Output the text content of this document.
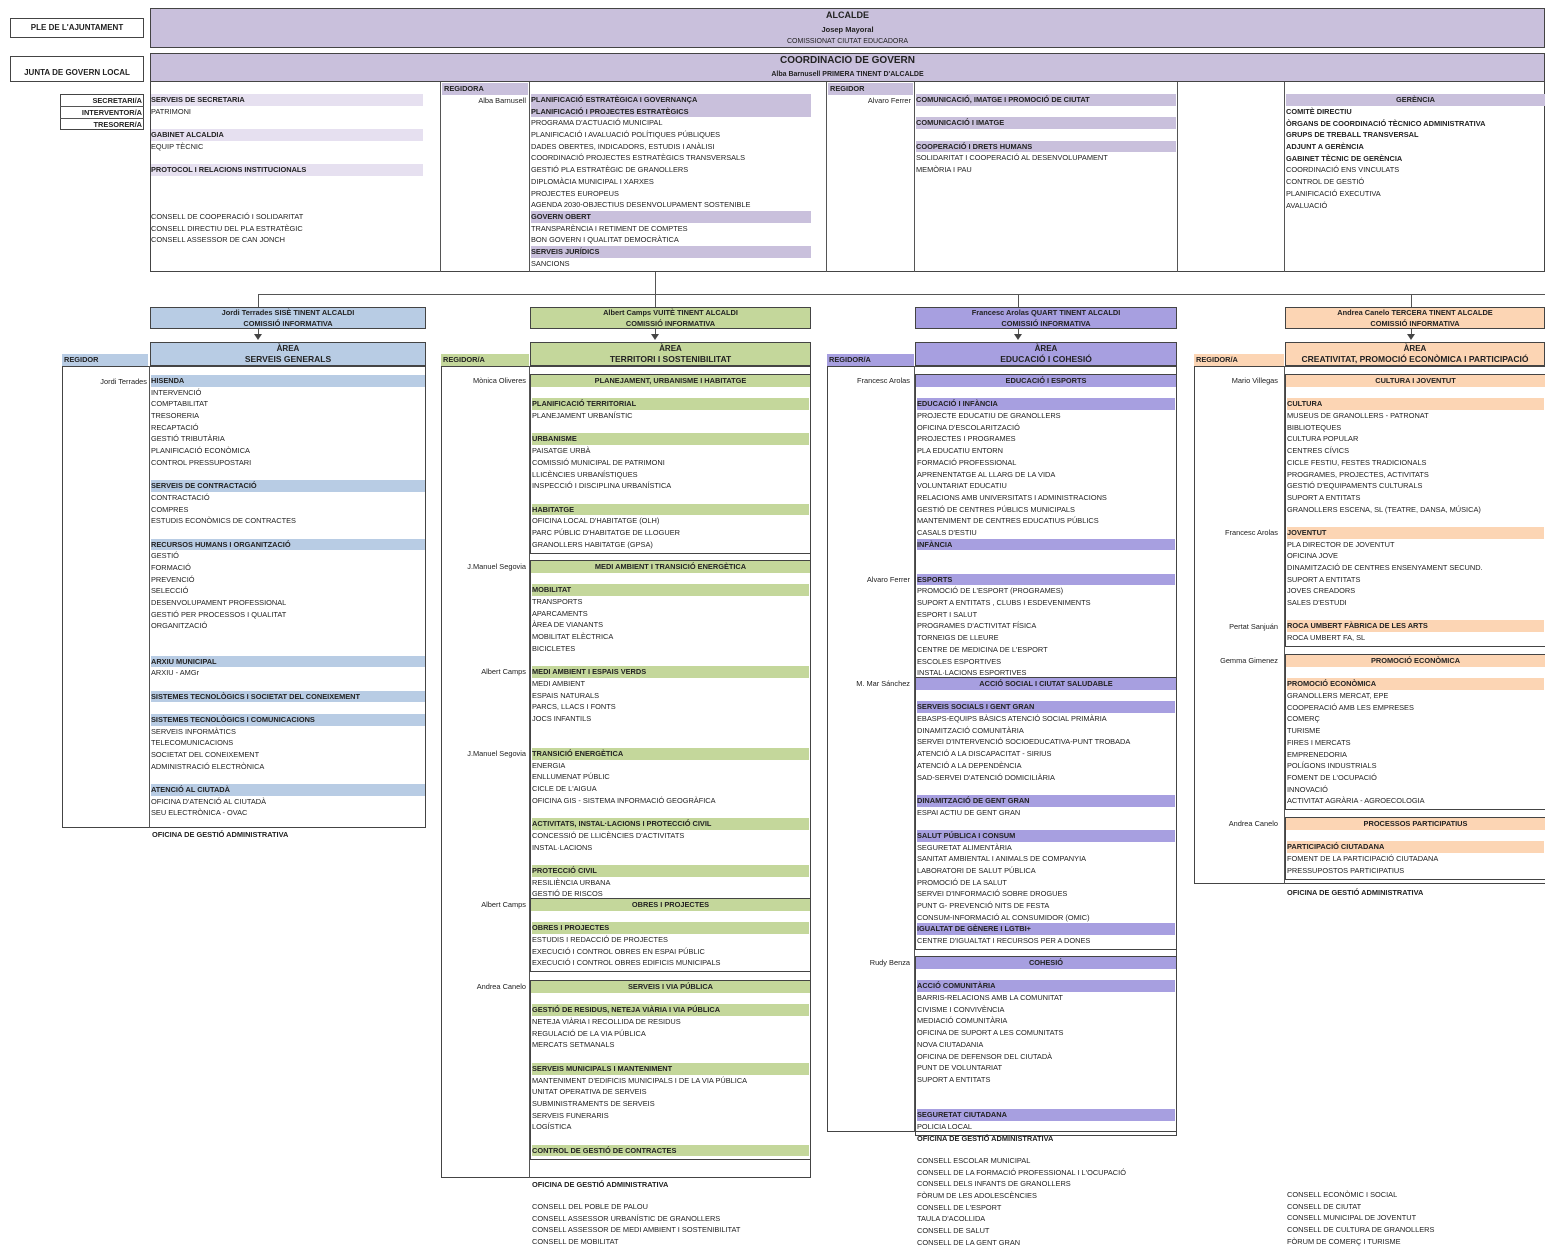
PLE DE L'AJUNTAMENT
ALCALDE
Josep Mayoral
COMISSIONAT CIUTAT EDUCADORA
JUNTA DE GOVERN LOCAL
COORDINACIÓ DE GOVERN
Alba Barnusell PRIMERA TINENT D'ALCALDE
SECRETARI/A
INTERVENTOR/A
TRESORER/A
SERVEIS DE SECRETARIA
PATRIMONI
GABINET ALCALDIA
EQUIP TÈCNIC
PROTOCOL I RELACIONS INSTITUCIONALS
CONSELL DE COOPERACIÓ I SOLIDARITAT
CONSELL DIRECTIU DEL PLA ESTRATÈGIC
CONSELL ASSESSOR DE CAN JONCH
REGIDORA
Alba Barnusell PLANIFICACIÓ ESTRATÈGICA I GOVERNANÇA
PLANIFICACIÓ I PROJECTES ESTRATÈGICS
PROGRAMA D'ACTUACIÓ MUNICIPAL
PLANIFICACIÓ I AVALUACIÓ POLÍTIQUES PÚBLIQUES
DADES OBERTES, INDICADORS, ESTUDIS I ANÀLISI
COORDINACIÓ PROJECTES ESTRATÈGICS TRANSVERSALS
GESTIÓ PLA ESTRATÈGIC DE GRANOLLERS
DIPLOMÀCIA MUNICIPAL I XARXES
PROJECTES EUROPEUS
AGENDA 2030-OBJECTIUS DESENVOLUPAMENT SOSTENIBLE
GOVERN OBERT
TRANSPARÈNCIA I RETIMENT DE COMPTES
BON GOVERN I QUALITAT DEMOCRÀTICA
SERVEIS JURÍDICS
SANCIONS
REGIDOR
Alvaro Ferrer COMUNICACIÓ, IMATGE I PROMOCIÓ DE CIUTAT
COMUNICACIÓ I IMATGE
COOPERACIÓ I DRETS HUMANS
SOLIDARITAT I COOPERACIÓ AL DESENVOLUPAMENT
MEMÒRIA I PAU
GERÈNCIA
COMITÈ DIRECTIU
ÒRGANS DE COORDINACIÓ TÈCNICO ADMINISTRATIVA
GRUPS DE TREBALL TRANSVERSAL
ADJUNT A GERÈNCIA
GABINET TÈCNIC DE GERÈNCIA
COORDINACIÓ ENS VINCULATS
CONTROL DE GESTIÓ
PLANIFICACIÓ EXECUTIVA
AVALUACIÓ
Jordi Terrades SISÈ TINENT ALCALDI
COMISSIÓ INFORMATIVA
ÀREA
SERVEIS GENERALS
REGIDOR
Jordi Terrades HISENDA
INTERVENCIÓ
COMPTABILITAT
TRESORERIA
RECAPTACIÓ
GESTIÓ TRIBUTÀRIA
PLANIFICACIÓ ECONÒMICA
CONTROL PRESSUPOSTARI
SERVEIS DE CONTRACTACIÓ
CONTRACTACIÓ
COMPRES
ESTUDIS ECONÒMICS DE CONTRACTES
RECURSOS HUMANS I ORGANITZACIÓ
GESTIÓ
FORMACIÓ
PREVENCIÓ
SELECCIÓ
DESENVOLUPAMENT PROFESSIONAL
GESTIÓ PER PROCESSOS I QUALITAT
ORGANITZACIÓ
ARXIU MUNICIPAL
ARXIU - AMGr
SISTEMES TECNOLÒGICS I SOCIETAT DEL CONEIXEMENT
SISTEMES TECNOLÒGICS I COMUNICACIONS
SERVEIS INFORMÀTICS
TELECOMUNICACIONS
SOCIETAT DEL CONEIXEMENT
ADMINISTRACIÓ ELECTRÒNICA
ATENCIÓ AL CIUTADÀ
OFICINA D'ATENCIÓ AL CIUTADÀ
SEU ELECTRÒNICA - OVAC
OFICINA DE GESTIÓ ADMINISTRATIVA
Albert Camps VUITÈ TINENT ALCALDI
COMISSIÓ INFORMATIVA
ÀREA
TERRITORI I SOSTENIBILITAT
REGIDOR/A
PLANEJAMENT, URBANISME I HABITATGE
Mònica Oliveres
PLANIFICACIÓ TERRITORIAL
PLANEJAMENT URBANÍSTIC
URBANISME
PAISATGE URBÀ
COMISSIÓ MUNICIPAL DE PATRIMONI
LLICÈNCIES URBANÍSTIQUES
INSPECCIÓ I DISCIPLINA URBANÍSTICA
HABITATGE
OFICINA LOCAL D'HABITATGE (OLH)
PARC PÚBLIC D'HABITATGE DE LLOGUER
GRANOLLERS HABITATGE (GPSA)
MEDI AMBIENT I TRANSICIÓ ENERGÈTICA
J.Manuel Segovia
MOBILITAT
TRANSPORTS
APARCAMENTS
ÀREA DE VIANANTS
MOBILITAT ELÈCTRICA
BICICLETES
MEDI AMBIENT I ESPAIS VERDS
MEDI AMBIENT
ESPAIS NATURALS
PARCS, LLACS I FONTS
JOCS INFANTILS
TRANSICIÓ ENERGÈTICA
ENERGIA
ENLLUMENAT PÚBLIC
CICLE DE L'AIGUA
OFICINA GIS - SISTEMA INFORMACIÓ GEOGRÀFICA
ACTIVITATS, INSTAL·LACIONS I PROTECCIÓ CIVIL
CONCESSIÓ DE LLICÈNCIES D'ACTIVITATS
INSTAL·LACIONS
PROTECCIÓ CIVIL
RESILIÈNCIA URBANA
GESTIÓ DE RISCOS
Albert Camps
J.Manuel Segovia
OBRES I PROJECTES
Albert Camps
OBRES I PROJECTES
ESTUDIS I REDACCIÓ DE PROJECTES
EXECUCIÓ I CONTROL OBRES EN ESPAI PÚBLIC
EXECUCIÓ I CONTROL OBRES EDIFICIS MUNICIPALS
SERVEIS I VIA PÚBLICA
Andrea Canelo
GESTIÓ DE RESIDUS, NETEJA VIÀRIA I VIA PÚBLICA
NETEJA VIÀRIA I RECOLLIDA DE RESIDUS
REGULACIÓ DE LA VIA PÚBLICA
MERCATS SETMANALS
SERVEIS MUNICIPALS I MANTENIMENT
MANTENIMENT D'EDIFICIS MUNICIPALS I DE LA VIA PÚBLICA
UNITAT OPERATIVA DE SERVEIS
SUBMINISTRAMENTS DE SERVEIS
SERVEIS FUNERARIS
LOGÍSTICA
CONTROL DE GESTIÓ DE CONTRACTES
OFICINA DE GESTIÓ ADMINISTRATIVA
CONSELL DEL POBLE DE PALOU
CONSELL ASSESSOR URBANÍSTIC DE GRANOLLERS
CONSELL ASSESSOR DE MEDI AMBIENT I SOSTENIBILITAT
CONSELL DE MOBILITAT
Francesc Arolas QUART TINENT ALCALDI
COMISSIÓ INFORMATIVA
ÀREA
EDUCACIÓ I COHESIÓ
REGIDOR/A
EDUCACIÓ I ESPORTS
Francesc Arolas
EDUCACIÓ I INFÀNCIA
PROJECTE EDUCATIU DE GRANOLLERS
OFICINA D'ESCOLARITZACIÓ
PROJECTES I PROGRAMES
PLA EDUCATIU ENTORN
FORMACIÓ PROFESSIONAL
APRENENTATGE AL LLARG DE LA VIDA
VOLUNTARIAT EDUCATIU
RELACIONS AMB UNIVERSITATS I ADMINISTRACIONS
GESTIÓ DE CENTRES PÚBLICS MUNICIPALS
MANTENIMENT DE CENTRES EDUCATIUS PÚBLICS
CASALS D'ESTIU
INFÀNCIA
ESPORTS
PROMOCIÓ DE L'ESPORT (PROGRAMES)
SUPORT A ENTITATS , CLUBS I ESDEVENIMENTS
ESPORT I SALUT
PROGRAMES D'ACTIVITAT FÍSICA
TORNEIGS DE LLEURE
CENTRE DE MEDICINA DE L'ESPORT
ESCOLES ESPORTIVES
INSTAL·LACIONS ESPORTIVES
Alvaro Ferrer
ACCIÓ SOCIAL I CIUTAT SALUDABLE
M. Mar Sánchez
SERVEIS SOCIALS I GENT GRAN
EBASPS-EQUIPS BÀSICS ATENCIÓ SOCIAL PRIMÀRIA
DINAMITZACIÓ COMUNITÀRIA
SERVEI D'INTERVENCIÓ SOCIOEDUCATIVA-PUNT TROBADA
ATENCIÓ A LA DISCAPACITAT - SIRIUS
ATENCIÓ A LA DEPENDÈNCIA
SAD-SERVEI D'ATENCIÓ DOMICILIÀRIA
DINAMITZACIÓ DE GENT GRAN
ESPAI ACTIU DE GENT GRAN
SALUT PÚBLICA I CONSUM
SEGURETAT ALIMENTÀRIA
SANITAT AMBIENTAL I ANIMALS DE COMPANYIA
LABORATORI DE SALUT PÚBLICA
PROMOCIÓ DE LA SALUT
SERVEI D'INFORMACIÓ SOBRE DROGUES
PUNT G- PREVENCIÓ NITS DE FESTA
CONSUM-INFORMACIÓ AL CONSUMIDOR (OMIC)
IGUALTAT DE GÈNERE I LGTBI+
CENTRE D'IGUALTAT I RECURSOS PER A DONES
COHESIÓ
Rudy Benza
ACCIÓ COMUNITÀRIA
BARRIS-RELACIONS AMB LA COMUNITAT
CIVISME I CONVIVÈNCIA
MEDIACIÓ COMUNITÀRIA
OFICINA DE SUPORT A LES COMUNITATS
NOVA CIUTADANIA
OFICINA DE DEFENSOR DEL CIUTADÀ
PUNT DE VOLUNTARIAT
SUPORT A ENTITATS
SEGURETAT CIUTADANA
POLICIA LOCAL
OFICINA DE GESTIÓ ADMINISTRATIVA
CONSELL ESCOLAR MUNICIPAL
CONSELL DE LA FORMACIÓ PROFESSIONAL I L'OCUPACIÓ
CONSELL DELS INFANTS DE GRANOLLERS
FÒRUM DE LES ADOLESCÈNCIES
CONSELL DE L'ESPORT
TAULA D'ACOLLIDA
CONSELL DE SALUT
CONSELL DE LA GENT GRAN
Andrea Canelo TERCERA TINENT ALCALDE
COMISSIÓ INFORMATIVA
ÀREA
CREATIVITAT, PROMOCIÓ ECONÒMICA I PARTICIPACIÓ
REGIDOR/A
CULTURA I JOVENTUT
Mario Villegas
CULTURA
MUSEUS DE GRANOLLERS - PATRONAT
BIBLIOTEQUES
CULTURA POPULAR
CENTRES CÍVICS
CICLE FESTIU, FESTES TRADICIONALS
PROGRAMES, PROJECTES, ACTIVITATS
GESTIÓ D'EQUIPAMENTS CULTURALS
SUPORT A ENTITATS
GRANOLLERS ESCENA, SL (TEATRE, DANSA, MÚSICA)
JOVENTUT
PLA DIRECTOR DE JOVENTUT
OFICINA JOVE
DINAMITZACIÓ DE CENTRES ENSENYAMENT SECUND.
SUPORT A ENTITATS
JOVES CREADORS
SALES D'ESTUDI
ROCA UMBERT FÀBRICA DE LES ARTS
ROCA UMBERT FA, SL
Francesc Arolas
Pertat Sanjuán
PROMOCIÓ ECONÒMICA
Gemma Gimenez
PROMOCIÓ ECONÒMICA
GRANOLLERS MERCAT, EPE
COOPERACIÓ AMB LES EMPRESES
COMERÇ
TURISME
FIRES I MERCATS
EMPRENEDORIA
POLÍGONS INDUSTRIALS
FOMENT DE L'OCUPACIÓ
INNOVACIÓ
ACTIVITAT AGRÀRIA - AGROECOLOGIA
PROCESSOS PARTICIPATIUS
Andrea Canelo
PARTICIPACIÓ CIUTADANA
FOMENT DE LA PARTICIPACIÓ CIUTADANA
PRESSUPOSTOS PARTICIPATIUS
OFICINA DE GESTIÓ ADMINISTRATIVA
CONSELL ECONÒMIC I SOCIAL
CONSELL DE CIUTAT
CONSELL MUNICIPAL DE JOVENTUT
CONSELL DE CULTURA DE GRANOLLERS
FÒRUM DE COMERÇ I TURISME
